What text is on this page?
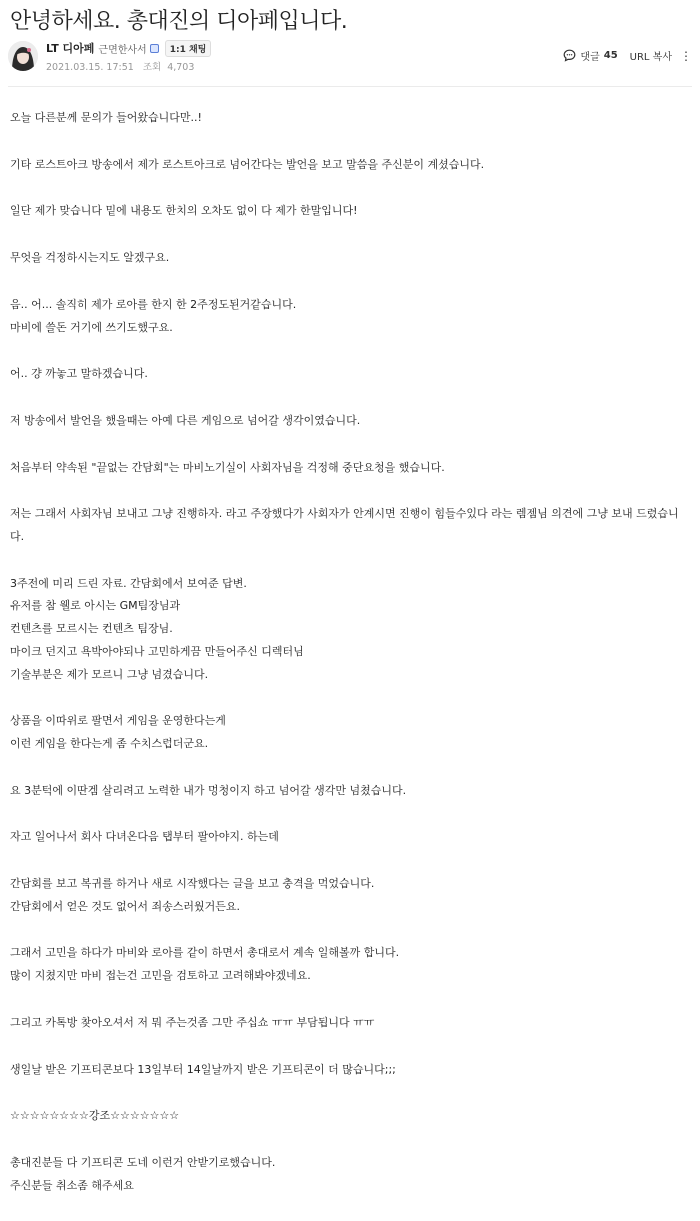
안녕하세요. 총대진의 디아페입니다.
LT 디아페 근면한사서	1:1 채팅
2021.03.15. 17:51 조회 4,703
댓글 45 URL 복사 ⋮
오늘 다른분께 문의가 들어왔습니다만..!
기타 로스트아크 방송에서 제가 로스트아크로 넘어간다는 발언을 보고 말씀을 주신분이 계셨습니다.
일단 제가 맞습니다 밑에 내용도 한치의 오차도 없이 다 제가 한말입니다!
무엇을 걱정하시는지도 알겠구요.
음.. 어... 솔직히 제가 로아를 한지 한 2주정도된거같습니다.
마비에 쓸돈 거기에 쓰기도했구요.
어.. 걍 까놓고 말하겠습니다.
저 방송에서 발언을 했을때는 아예 다른 게임으로 넘어갈 생각이였습니다.
처음부터 약속된 "끝없는 간담회"는 마비노기실이 사회자님을 걱정해 중단요청을 했습니다.
저는 그래서 사회자님 보내고 그냥 진행하자. 라고 주장했다가 사회자가 안계시면 진행이 힘들수있다 라는 렘젬님 의견에 그냥 보내 드렸습니다.
3주전에 미리 드린 자료. 간담회에서 보여준 답변.
유저를 참 웰로 아시는 GM팀장님과
컨텐츠를 모르시는 컨텐츠 팀장님.
마이크 던지고 욕박아야되나 고민하게끔 만들어주신 디렉터님
기술부분은 제가 모르니 그냥 넘겼습니다.
상품을 이따위로 팔면서 게임을 운영한다는게
이런 게임을 한다는게 좀 수치스럽더군요.
요 3분턱에 이딴겜 살리려고 노력한 내가 멍청이지 하고 넘어갈 생각만 넘쳤습니다.
자고 일어나서 회사 다녀온다음 탭부터 팔아야지. 하는데
간담회를 보고 복귀를 하거나 새로 시작했다는 글을 보고 충격을 먹었습니다.
간담회에서 얻은 것도 없어서 죄송스러웠거든요.
그래서 고민을 하다가 마비와 로아를 같이 하면서 총대로서 계속 일해볼까 합니다.
많이 지쳤지만 마비 접는건 고민을 검토하고 고려해봐야겠네요.
그리고 카톡방 찾아오셔서 저 뭐 주는것좀 그만 주십쇼 ㅠㅠ 부담됩니다 ㅠㅠ
생일날 받은 기프티콘보다 13일부터 14일날까지 받은 기프티콘이 더 많습니다;;;
☆☆☆☆☆☆☆☆강조☆☆☆☆☆☆☆
총대진분들 다 기프티콘 도네 이런거 안받기로했습니다.
주신분들 취소좀 해주세요
